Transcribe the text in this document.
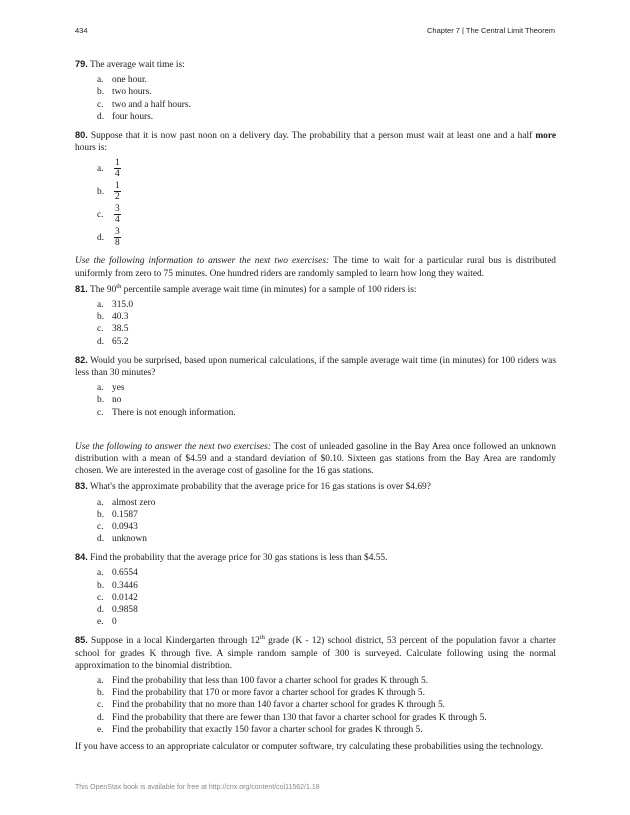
434	Chapter 7 | The Central Limit Theorem
79. The average wait time is:
a. one hour.
b. two hours.
c. two and a half hours.
d. four hours.
80. Suppose that it is now past noon on a delivery day. The probability that a person must wait at least one and a half more hours is:
a.	$\frac{1}{4}$
b.	$\frac{1}{2}$
c.	$\frac{3}{4}$
d.	$\frac{3}{8}$
Use the following information to answer the next two exercises: The time to wait for a particular rural bus is distributed uniformly from zero to 75 minutes. One hundred riders are randomly sampled to learn how long they waited.
81. The 90th percentile sample average wait time (in minutes) for a sample of 100 riders is:
a. 315.0
b. 40.3
c. 38.5
d. 65.2
82. Would you be surprised, based upon numerical calculations, if the sample average wait time (in minutes) for 100 riders was less than 30 minutes?
a. yes
b. no
c. There is not enough information.
Use the following to answer the next two exercises: The cost of unleaded gasoline in the Bay Area once followed an unknown distribution with a mean of $4.59 and a standard deviation of $0.10. Sixteen gas stations from the Bay Area are randomly chosen. We are interested in the average cost of gasoline for the 16 gas stations.
83. What's the approximate probability that the average price for 16 gas stations is over $4.69?
a. almost zero
b. 0.1587
c. 0.0943
d. unknown
84. Find the probability that the average price for 30 gas stations is less than $4.55.
a. 0.6554
b. 0.3446
c. 0.0142
d. 0.9858
e. 0
85. Suppose in a local Kindergarten through 12th grade (K - 12) school district, 53 percent of the population favor a charter school for grades K through five. A simple random sample of 300 is surveyed. Calculate following using the normal approximation to the binomial distribtion.
a. Find the probability that less than 100 favor a charter school for grades K through 5.
b. Find the probability that 170 or more favor a charter school for grades K through 5.
c. Find the probability that no more than 140 favor a charter school for grades K through 5.
d. Find the probability that there are fewer than 130 that favor a charter school for grades K through 5.
e. Find the probability that exactly 150 favor a charter school for grades K through 5.
If you have access to an appropriate calculator or computer software, try calculating these probabilities using the technology.
This OpenStax book is available for free at http://cnx.org/content/col11562/1.18
